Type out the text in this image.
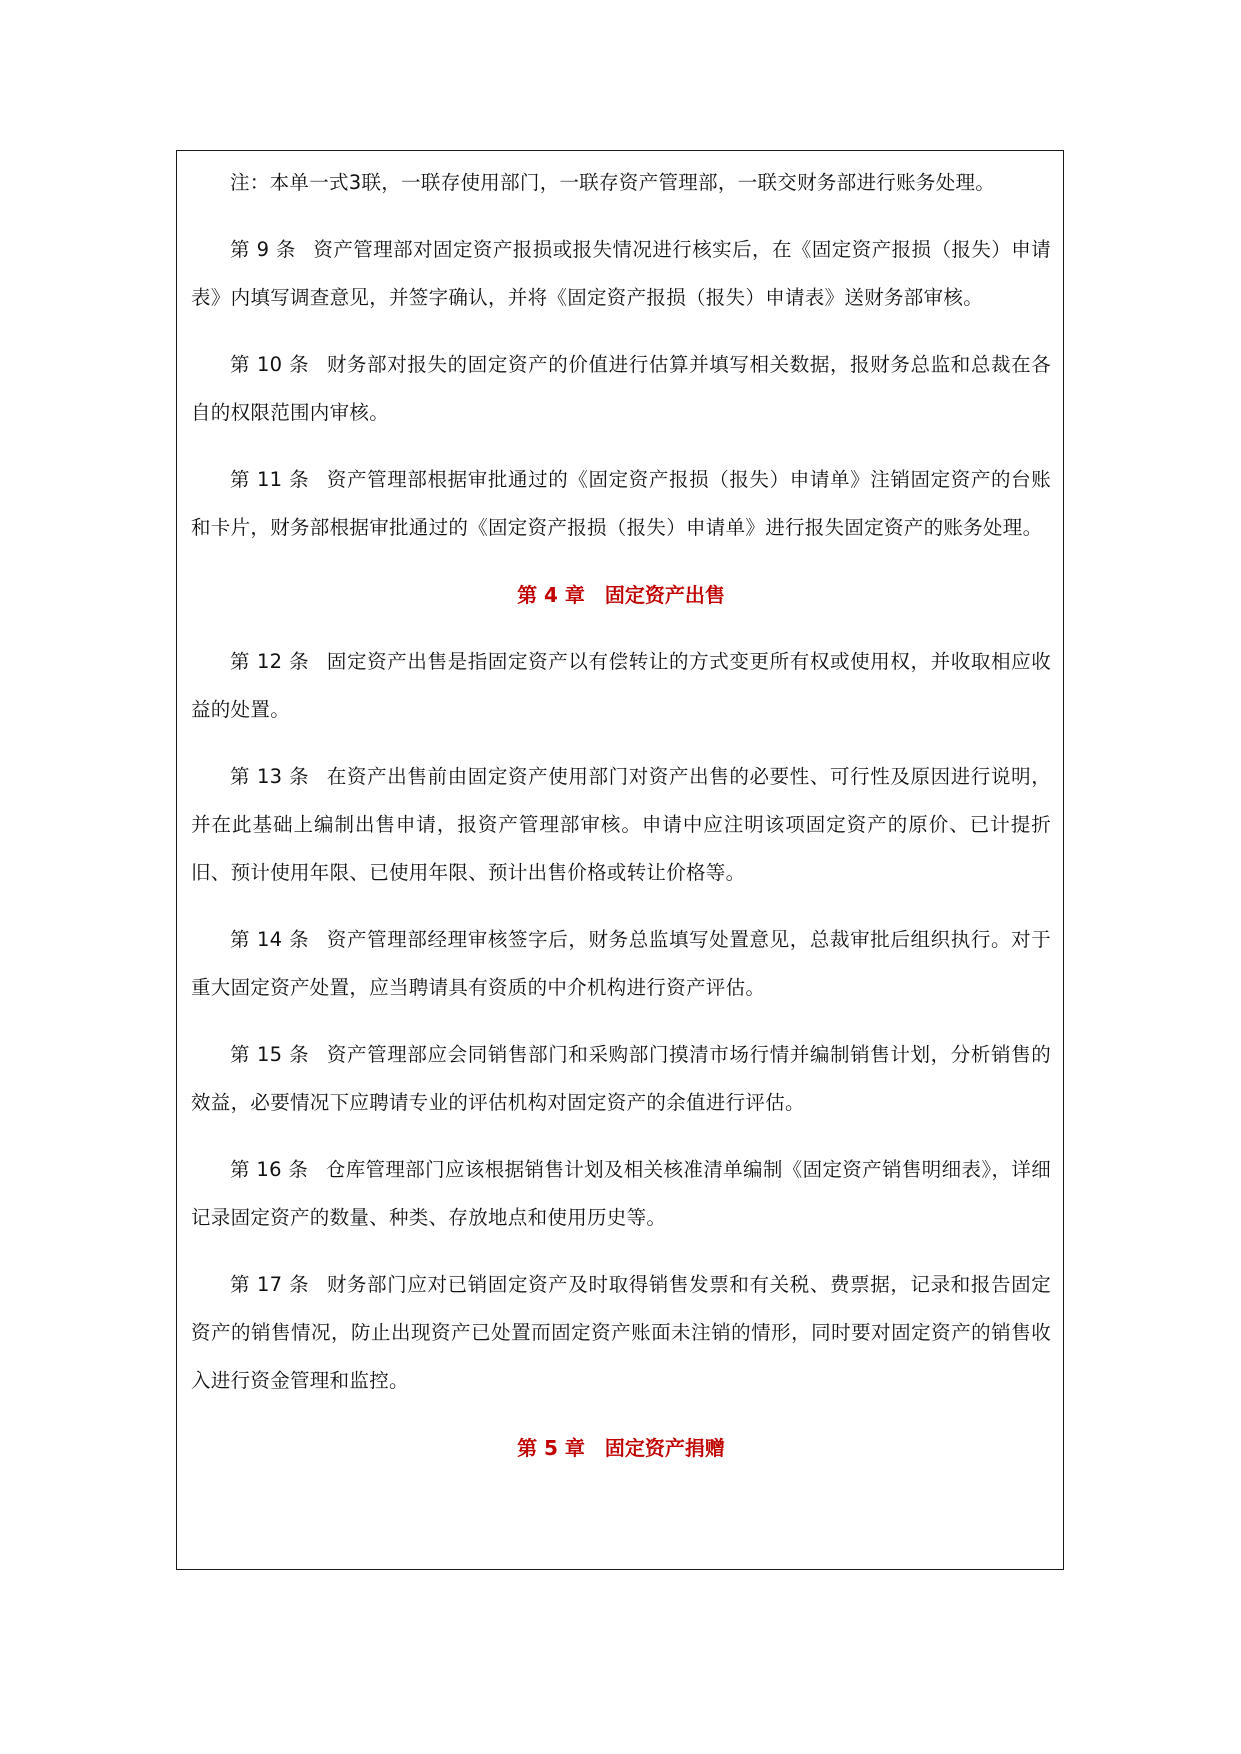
注：本单一式3联，一联存使用部门，一联存资产管理部，一联交财务部进行账务处理。

第 9 条 资产管理部对固定资产报损或报失情况进行核实后，在《固定资产报损（报失）申请表》内填写调查意见，并签字确认，并将《固定资产报损（报失）申请表》送财务部审核。

第 10 条 财务部对报失的固定资产的价值进行估算并填写相关数据，报财务总监和总裁在各自的权限范围内审核。

第 11 条 资产管理部根据审批通过的《固定资产报损（报失）申请单》注销固定资产的台账和卡片，财务部根据审批通过的《固定资产报损（报失）申请单》进行报失固定资产的账务处理。

第 4 章 固定资产出售

第 12 条 固定资产出售是指固定资产以有偿转让的方式变更所有权或使用权，并收取相应收益的处置。

第 13 条 在资产出售前由固定资产使用部门对资产出售的必要性、可行性及原因进行说明，并在此基础上编制出售申请，报资产管理部审核。申请中应注明该项固定资产的原价、已计提折旧、预计使用年限、已使用年限、预计出售价格或转让价格等。

第 14 条 资产管理部经理审核签字后，财务总监填写处置意见，总裁审批后组织执行。对于重大固定资产处置，应当聘请具有资质的中介机构进行资产评估。

第 15 条 资产管理部应会同销售部门和采购部门摸清市场行情并编制销售计划，分析销售的效益，必要情况下应聘请专业的评估机构对固定资产的余值进行评估。

第 16 条 仓库管理部门应该根据销售计划及相关核准清单编制《固定资产销售明细表》，详细记录固定资产的数量、种类、存放地点和使用历史等。

第 17 条 财务部门应对已销固定资产及时取得销售发票和有关税、费票据，记录和报告固定资产的销售情况，防止出现资产已处置而固定资产账面未注销的情形，同时要对固定资产的销售收入进行资金管理和监控。

第 5 章 固定资产捐赠
